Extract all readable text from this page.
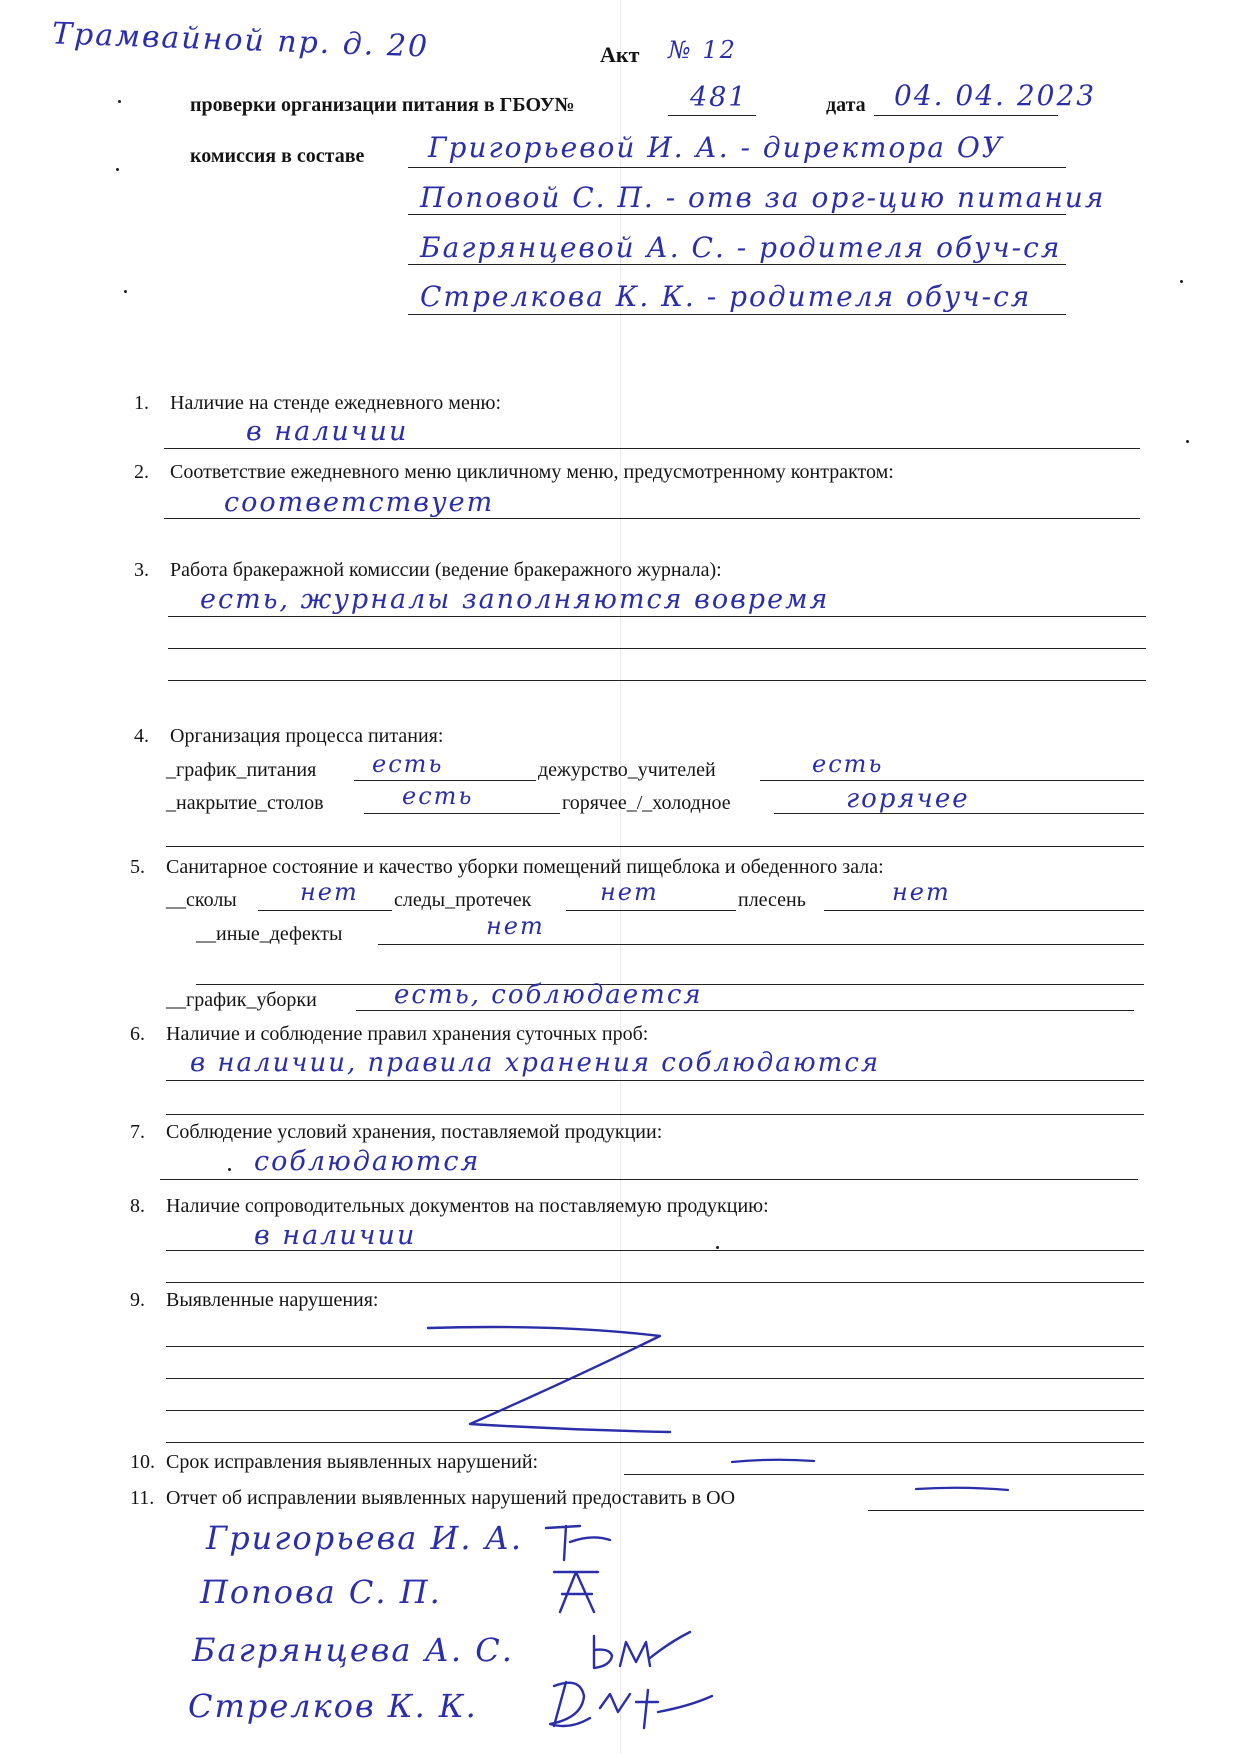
Трамвайной пр. д. 20	Акт № 12
проверки организации питания в ГБОУ№	481	дата 04. 04. 2023
комиссия в составе Григорьевой И. А. - директора ОУ
Поповой С. П. - отв за орг-цию питания
Багрянцевой А. С. - родителя обуч-ся
Стрелкова К. К. - родителя обуч-ся
1. Наличие на стенде ежедневного меню:
в наличии
2. Соответствие ежедневного меню цикличному меню, предусмотренному контрактом:
соответствует
3. Работа бракеражной комиссии (ведение бракеражного журнала):
есть, журналы заполняются вовремя
4. Организация процесса питания:
_график_питания есть	дежурство_учителей	есть
_накрытие_столов	есть	горячее_/_холодное	горячее
5. Санитарное состояние и качество уборки помещений пищеблока и обеденного зала:
__сколы	нет следы_протечек	нет	плесень	нет
__иные_дефекты	нет
__график_уборки	есть, соблюдается
6. Наличие и соблюдение правил хранения суточных проб:
в наличии, правила хранения соблюдаются
7. Соблюдение условий хранения, поставляемой продукции:
соблюдаются
8. Наличие сопроводительных документов на поставляемую продукцию:
в наличии
9. Выявленные нарушения:
10. Срок исправления выявленных нарушений:
11. Отчет об исправлении выявленных нарушений предоставить в ОО
Григорьева И. А.
Попова С. П.
Багрянцева А. С.
Стрелков К. К.
